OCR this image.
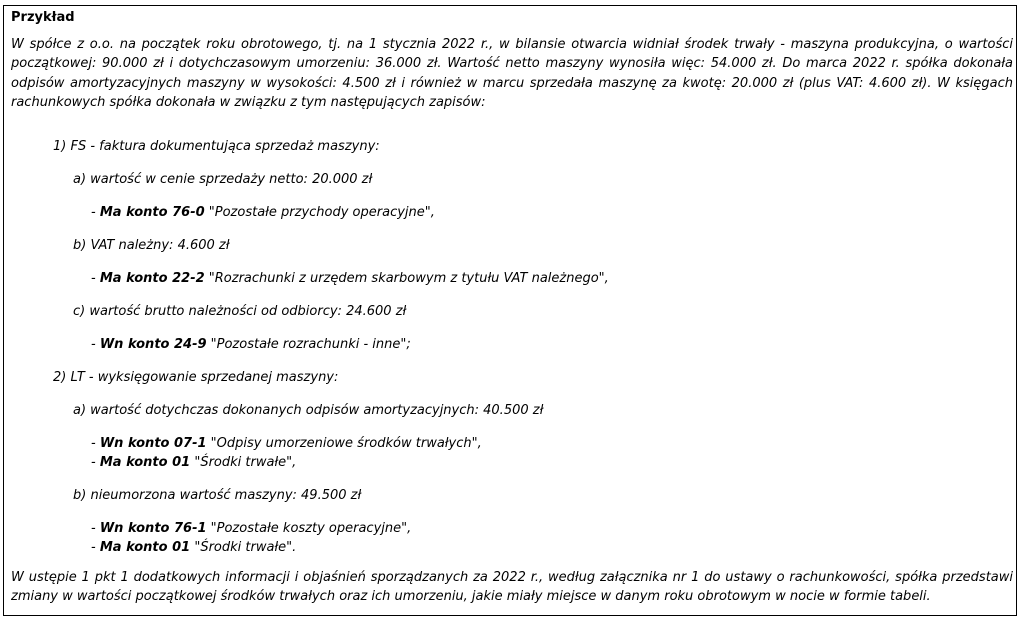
Przykład
W spółce z o.o. na początek roku obrotowego, tj. na 1 stycznia 2022 r., w bilansie otwarcia widniał środek trwały - maszyna produkcyjna, o wartości początkowej: 90.000 zł i dotychczasowym umorzeniu: 36.000 zł. Wartość netto maszyny wynosiła więc: 54.000 zł. Do marca 2022 r. spółka dokonała odpisów amortyzacyjnych maszyny w wysokości: 4.500 zł i również w marcu sprzedała maszynę za kwotę: 20.000 zł (plus VAT: 4.600 zł). W księgach rachunkowych spółka dokonała w związku z tym następujących zapisów:
1) FS - faktura dokumentująca sprzedaż maszyny:
a) wartość w cenie sprzedaży netto: 20.000 zł
- Ma konto 76-0 "Pozostałe przychody operacyjne",
b) VAT należny: 4.600 zł
- Ma konto 22-2 "Rozrachunki z urzędem skarbowym z tytułu VAT należnego",
c) wartość brutto należności od odbiorcy: 24.600 zł
- Wn konto 24-9 "Pozostałe rozrachunki - inne";
2) LT - wyksięgowanie sprzedanej maszyny:
a) wartość dotychczas dokonanych odpisów amortyzacyjnych: 40.500 zł
- Wn konto 07-1 "Odpisy umorzeniowe środków trwałych",
- Ma konto 01 "Środki trwałe",
b) nieumorzona wartość maszyny: 49.500 zł
- Wn konto 76-1 "Pozostałe koszty operacyjne",
- Ma konto 01 "Środki trwałe".
W ustępie 1 pkt 1 dodatkowych informacji i objaśnień sporządzanych za 2022 r., według załącznika nr 1 do ustawy o rachunkowości, spółka przedstawi zmiany w wartości początkowej środków trwałych oraz ich umorzeniu, jakie miały miejsce w danym roku obrotowym w nocie w formie tabeli.
